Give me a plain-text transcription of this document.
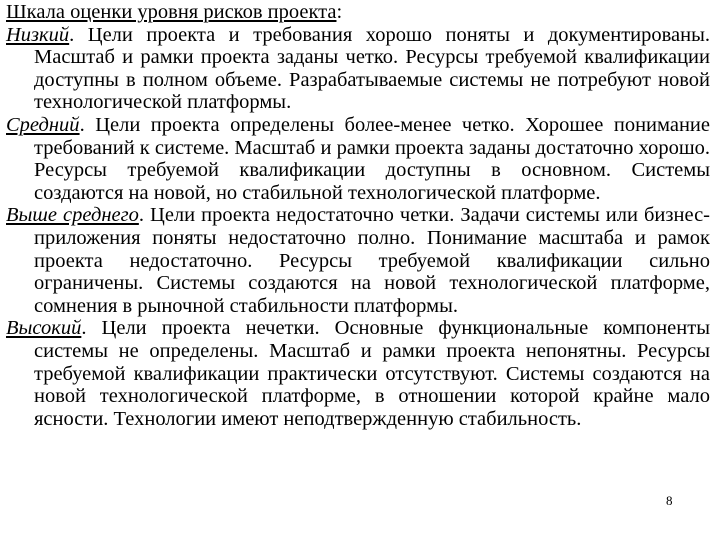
Шкала оценки уровня рисков проекта:

Низкий. Цели проекта и требования хорошо поняты и документированы. Масштаб и рамки проекта заданы четко. Ресурсы требуемой квалификации доступны в полном объеме. Разрабатываемые системы не потребуют новой технологической платформы.

Средний. Цели проекта определены более-менее четко. Хорошее понимание требований к системе. Масштаб и рамки проекта заданы достаточно хорошо. Ресурсы требуемой квалификации доступны в основном. Системы создаются на новой, но стабильной технологической платформе.

Выше среднего. Цели проекта недостаточно четки. Задачи системы или бизнес-приложения поняты недостаточно полно. Понимание масштаба и рамок проекта недостаточно. Ресурсы требуемой квалификации сильно ограничены. Системы создаются на новой технологической платформе, сомнения в рыночной стабильности платформы.

Высокий. Цели проекта нечетки. Основные функциональные компоненты системы не определены. Масштаб и рамки проекта непонятны. Ресурсы требуемой квалификации практически отсутствуют. Системы создаются на новой технологической платформе, в отношении которой крайне мало ясности. Технологии имеют неподтвержденную стабильность.

8
